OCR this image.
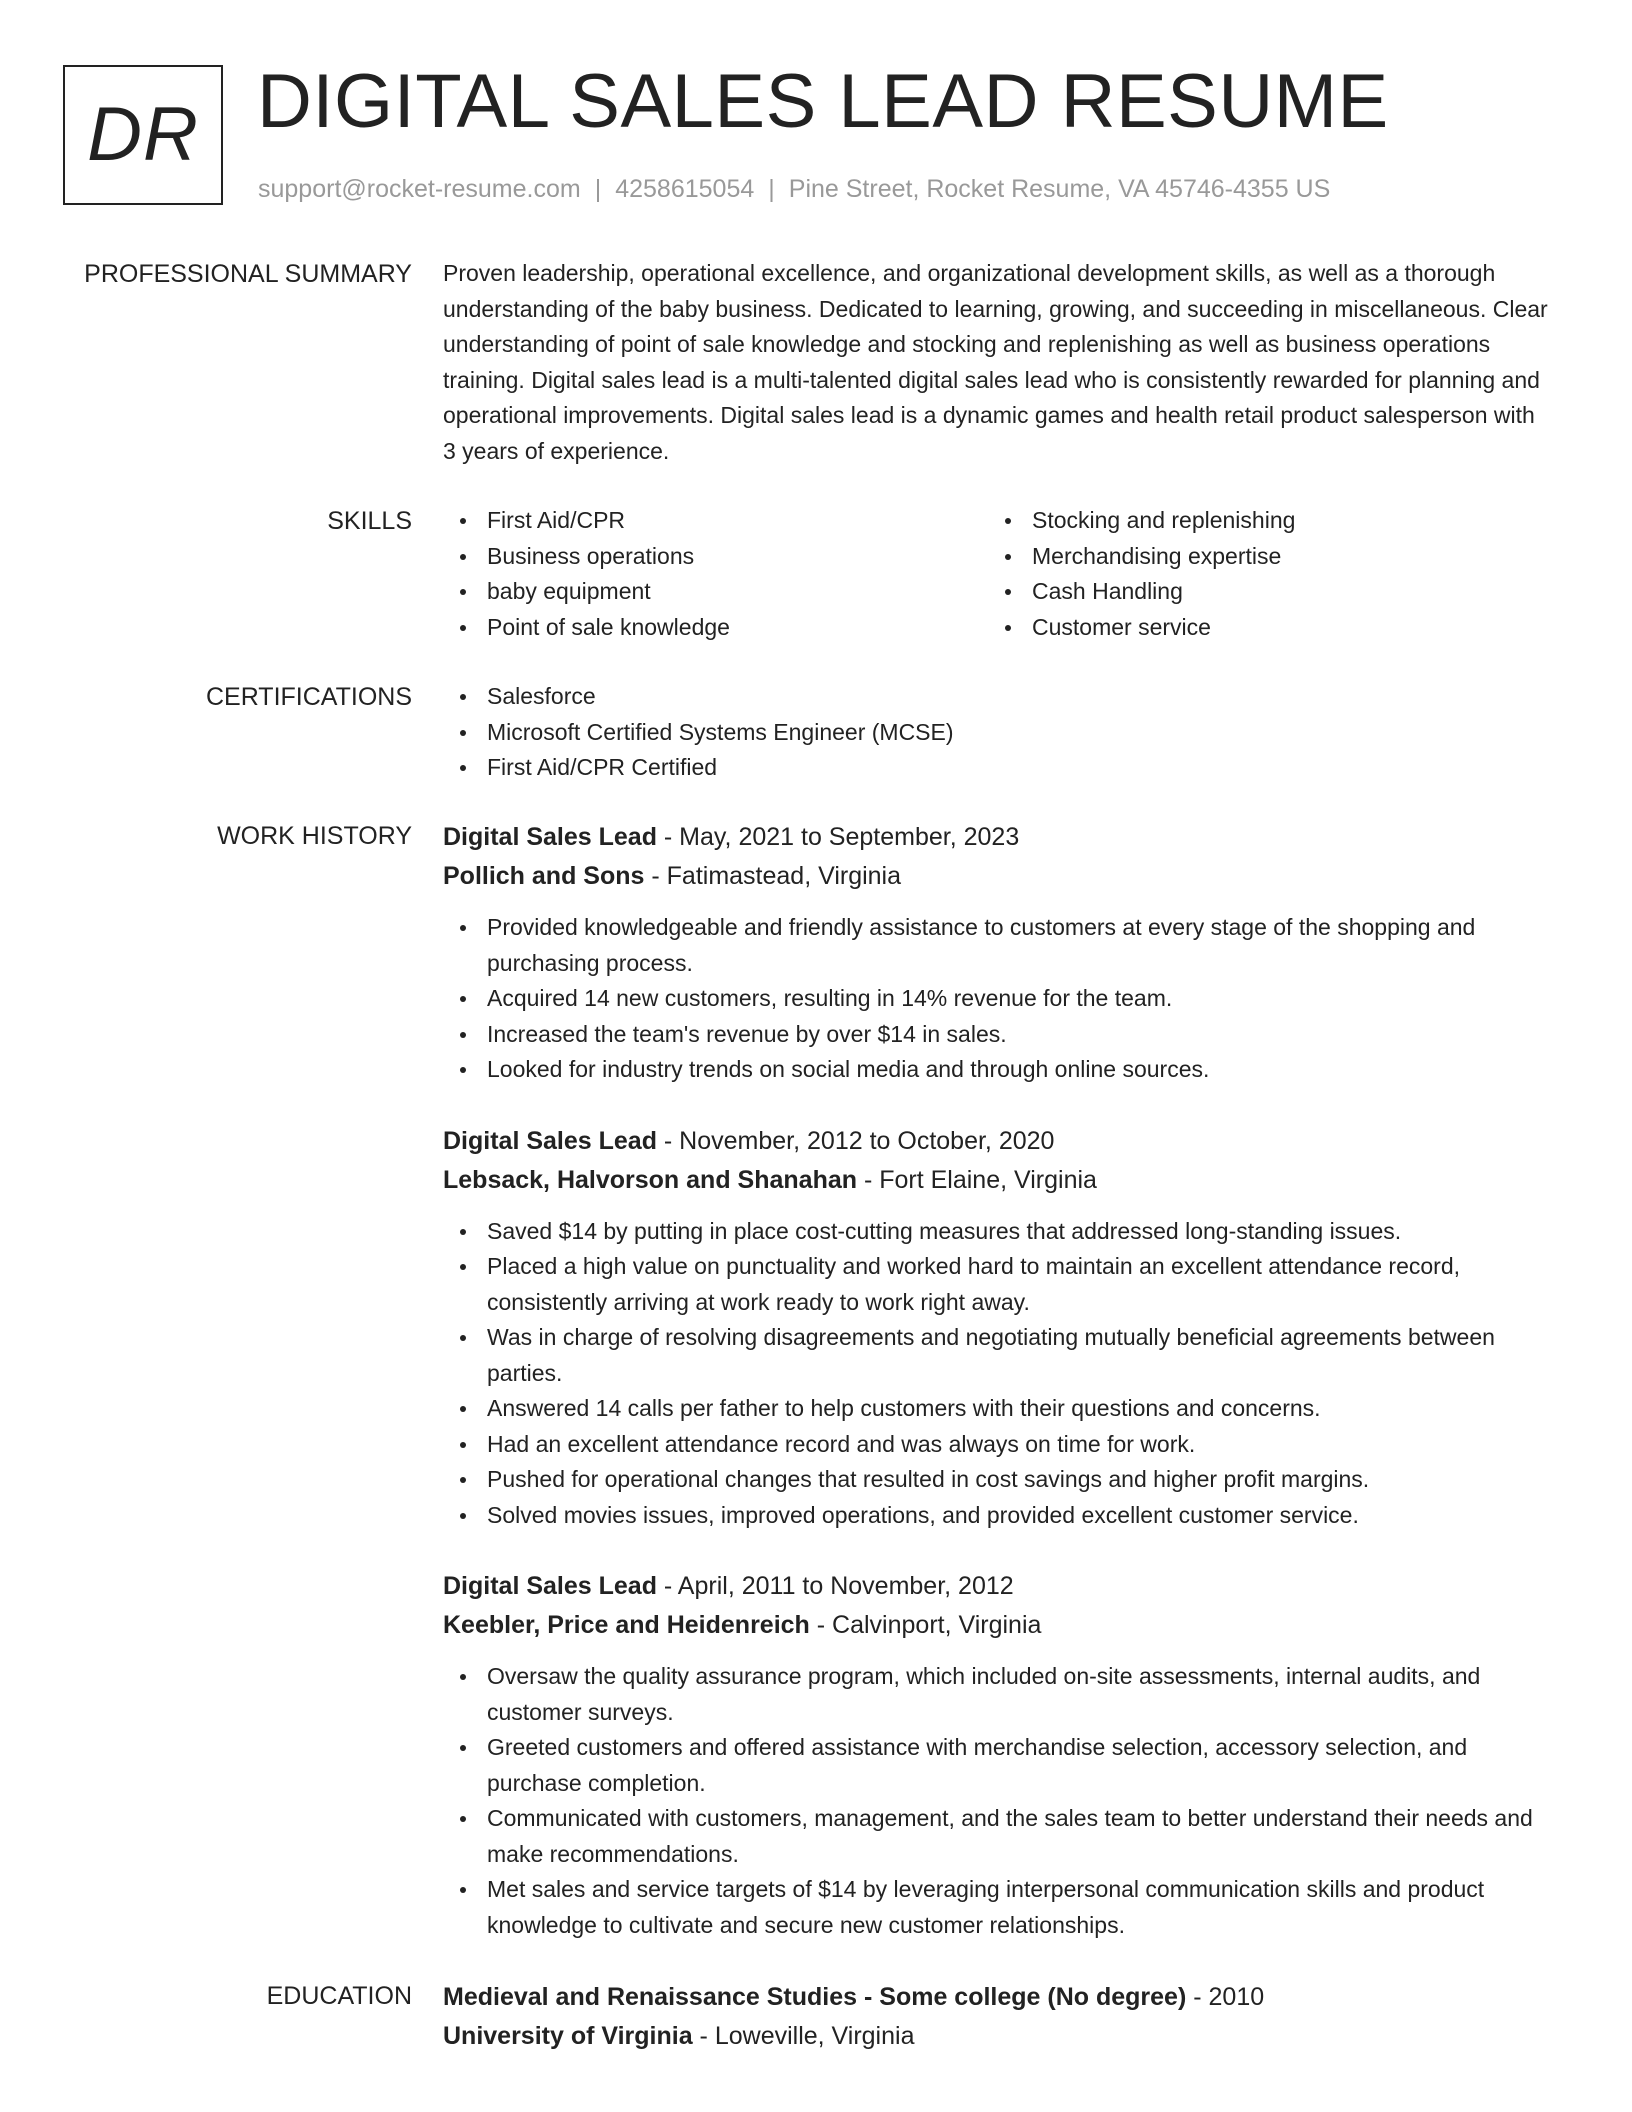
DR DIGITAL SALES LEAD RESUME
support@rocket-resume.com | 4258615054 | Pine Street, Rocket Resume, VA 45746-4355 US
PROFESSIONAL SUMMARY Proven leadership, operational excellence, and organizational development skills, as well as a thorough understanding of the baby business. Dedicated to learning, growing, and succeeding in miscellaneous. Clear understanding of point of sale knowledge and stocking and replenishing as well as business operations training. Digital sales lead is a multi-talented digital sales lead who is consistently rewarded for planning and operational improvements. Digital sales lead is a dynamic games and health retail product salesperson with 3 years of experience.

SKILLS	First Aid/CPR
Business operations
baby equipment
Point of sale knowledge
Stocking and replenishing
Merchandising expertise
Cash Handling
Customer service
CERTIFICATIONS	Salesforce
Microsoft Certified Systems Engineer (MCSE)
First Aid/CPR Certified
WORK HISTORY Digital Sales Lead - May, 2021 to September, 2023
Pollich and Sons - Fatimastead, Virginia
Provided knowledgeable and friendly assistance to customers at every stage of the shopping and purchasing process.
Acquired 14 new customers, resulting in 14% revenue for the team.
Increased the team's revenue by over $14 in sales.
Looked for industry trends on social media and through online sources.
Digital Sales Lead - November, 2012 to October, 2020
Lebsack, Halvorson and Shanahan - Fort Elaine, Virginia
Saved $14 by putting in place cost-cutting measures that addressed long-standing issues.
Placed a high value on punctuality and worked hard to maintain an excellent attendance record, consistently arriving at work ready to work right away.
Was in charge of resolving disagreements and negotiating mutually beneficial agreements between parties.
Answered 14 calls per father to help customers with their questions and concerns.
Had an excellent attendance record and was always on time for work.
Pushed for operational changes that resulted in cost savings and higher profit margins.
Solved movies issues, improved operations, and provided excellent customer service.
Digital Sales Lead - April, 2011 to November, 2012
Keebler, Price and Heidenreich - Calvinport, Virginia
Oversaw the quality assurance program, which included on-site assessments, internal audits, and customer surveys.
Greeted customers and offered assistance with merchandise selection, accessory selection, and purchase completion.
Communicated with customers, management, and the sales team to better understand their needs and make recommendations.
Met sales and service targets of $14 by leveraging interpersonal communication skills and product knowledge to cultivate and secure new customer relationships.
EDUCATION Medieval and Renaissance Studies - Some college (No degree) - 2010
University of Virginia - Loweville, Virginia
